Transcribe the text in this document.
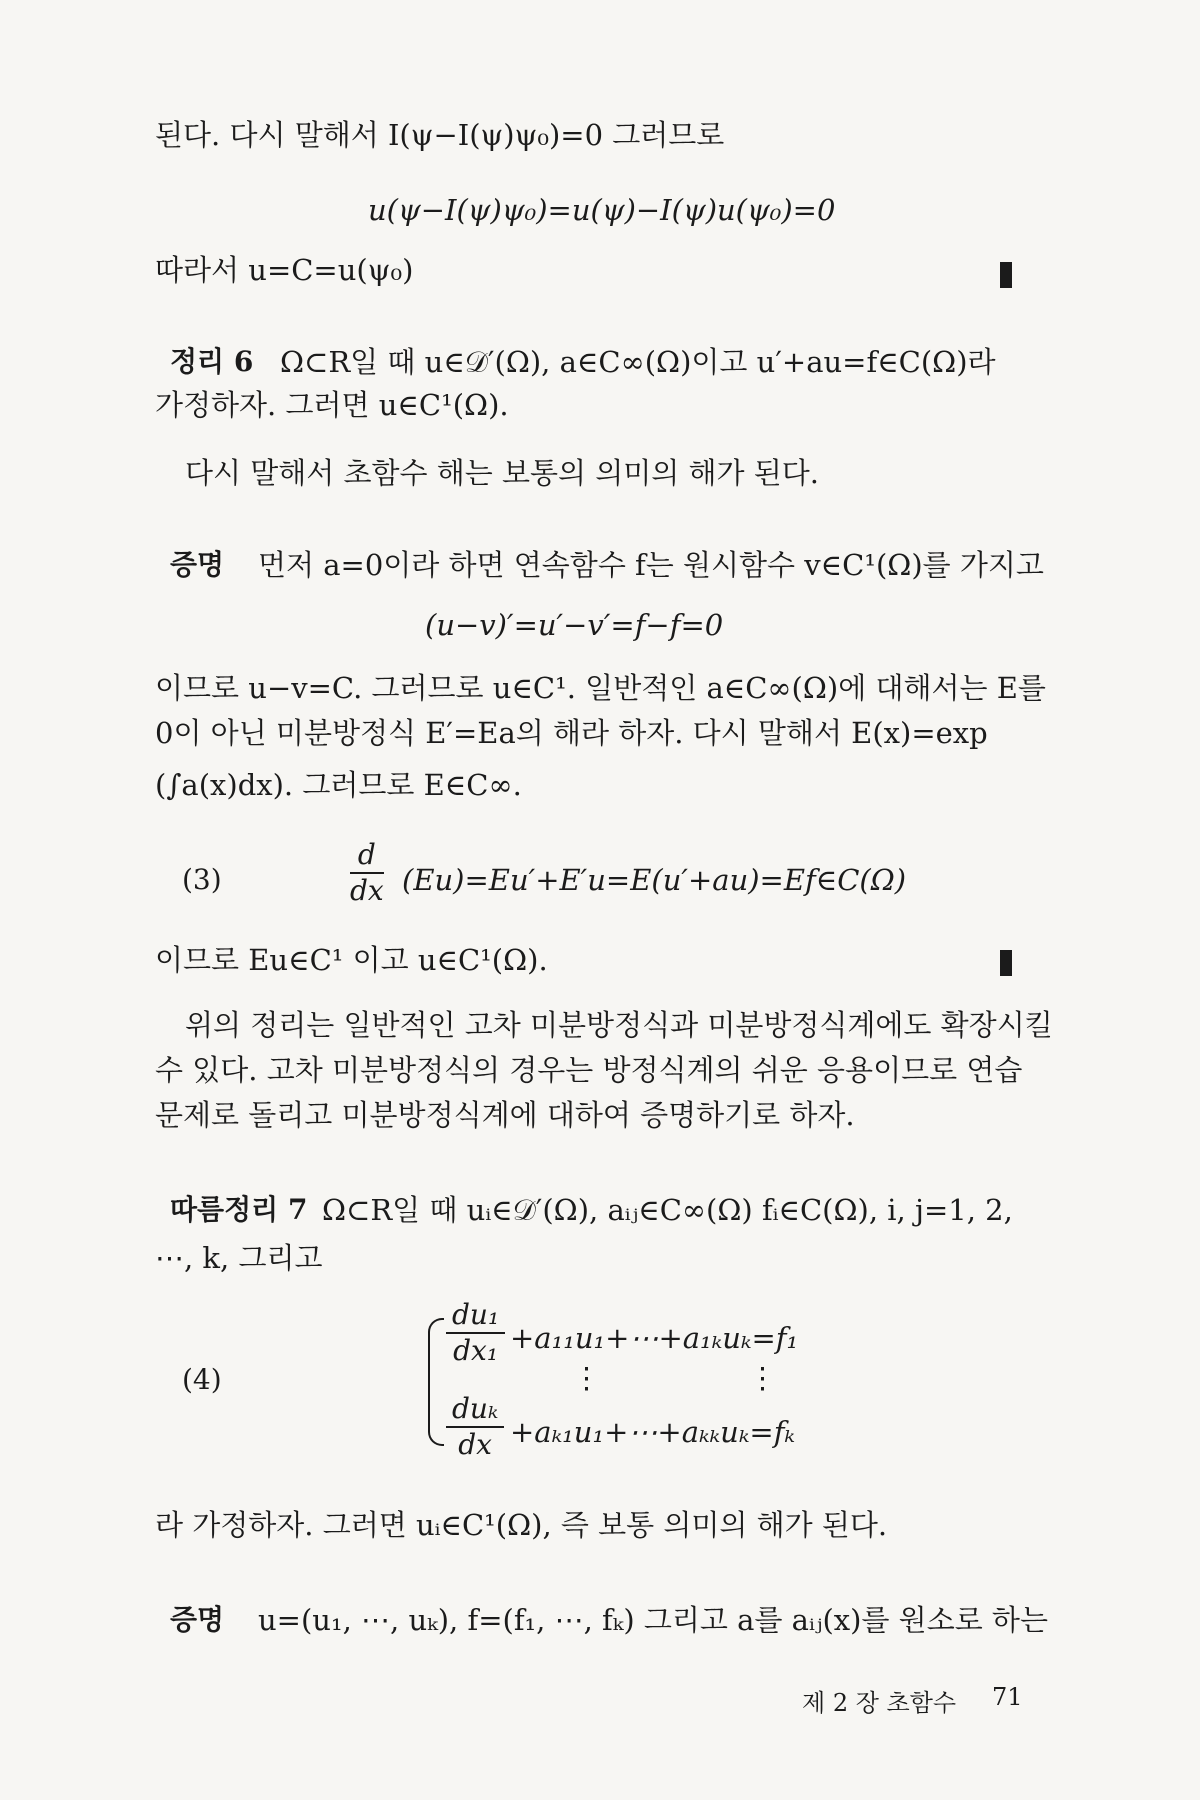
된다. 다시 말해서 I(ψ−I(ψ)ψ₀)=0 그러므로
u(ψ−I(ψ)ψ₀)=u(ψ)−I(ψ)u(ψ₀)=0
따라서 u=C=u(ψ₀)
정리 6 Ω⊂R일 때 u∈𝒟′(Ω), a∈C∞(Ω)이고 u′+au=f∈C(Ω)라
가정하자. 그러면 u∈C¹(Ω).
다시 말해서 초함수 해는 보통의 의미의 해가 된다.
증명 먼저 a=0이라 하면 연속함수 f는 원시함수 v∈C¹(Ω)를 가지고
(u−v)′=u′−v′=f−f=0
이므로 u−v=C. 그러므로 u∈C¹. 일반적인 a∈C∞(Ω)에 대해서는 E를
0이 아닌 미분방정식 E′=Ea의 해라 하자. 다시 말해서 E(x)=exp
(∫a(x)dx). 그러므로 E∈C∞.
(3)	$\frac{d}{dx}$ (Eu)=Eu′+E′u=E(u′+au)=Ef∈C(Ω)
이므로 Eu∈C¹ 이고 u∈C¹(Ω).
위의 정리는 일반적인 고차 미분방정식과 미분방정식계에도 확장시킬
수 있다. 고차 미분방정식의 경우는 방정식계의 쉬운 응용이므로 연습
문제로 돌리고 미분방정식계에 대하여 증명하기로 하자.
따름정리 7 Ω⊂R일 때 uᵢ∈𝒟′(Ω), aᵢⱼ∈C∞(Ω) fᵢ∈C(Ω), i, j=1, 2,
⋯, k, 그리고
(4)
$\frac{\text{du₁}}{\text{dx₁}}$ +a₁₁u₁+⋯+a₁ₖuₖ=f₁
⋮	⋮
duₖ
dx +aₖ₁u₁+⋯+aₖₖuₖ=fₖ
라 가정하자. 그러면 uᵢ∈C¹(Ω), 즉 보통 의미의 해가 된다.
증명 u=(u₁, ⋯, uₖ), f=(f₁, ⋯, fₖ) 그리고 a를 aᵢⱼ(x)를 원소로 하는
제 2 장 초함수 71
